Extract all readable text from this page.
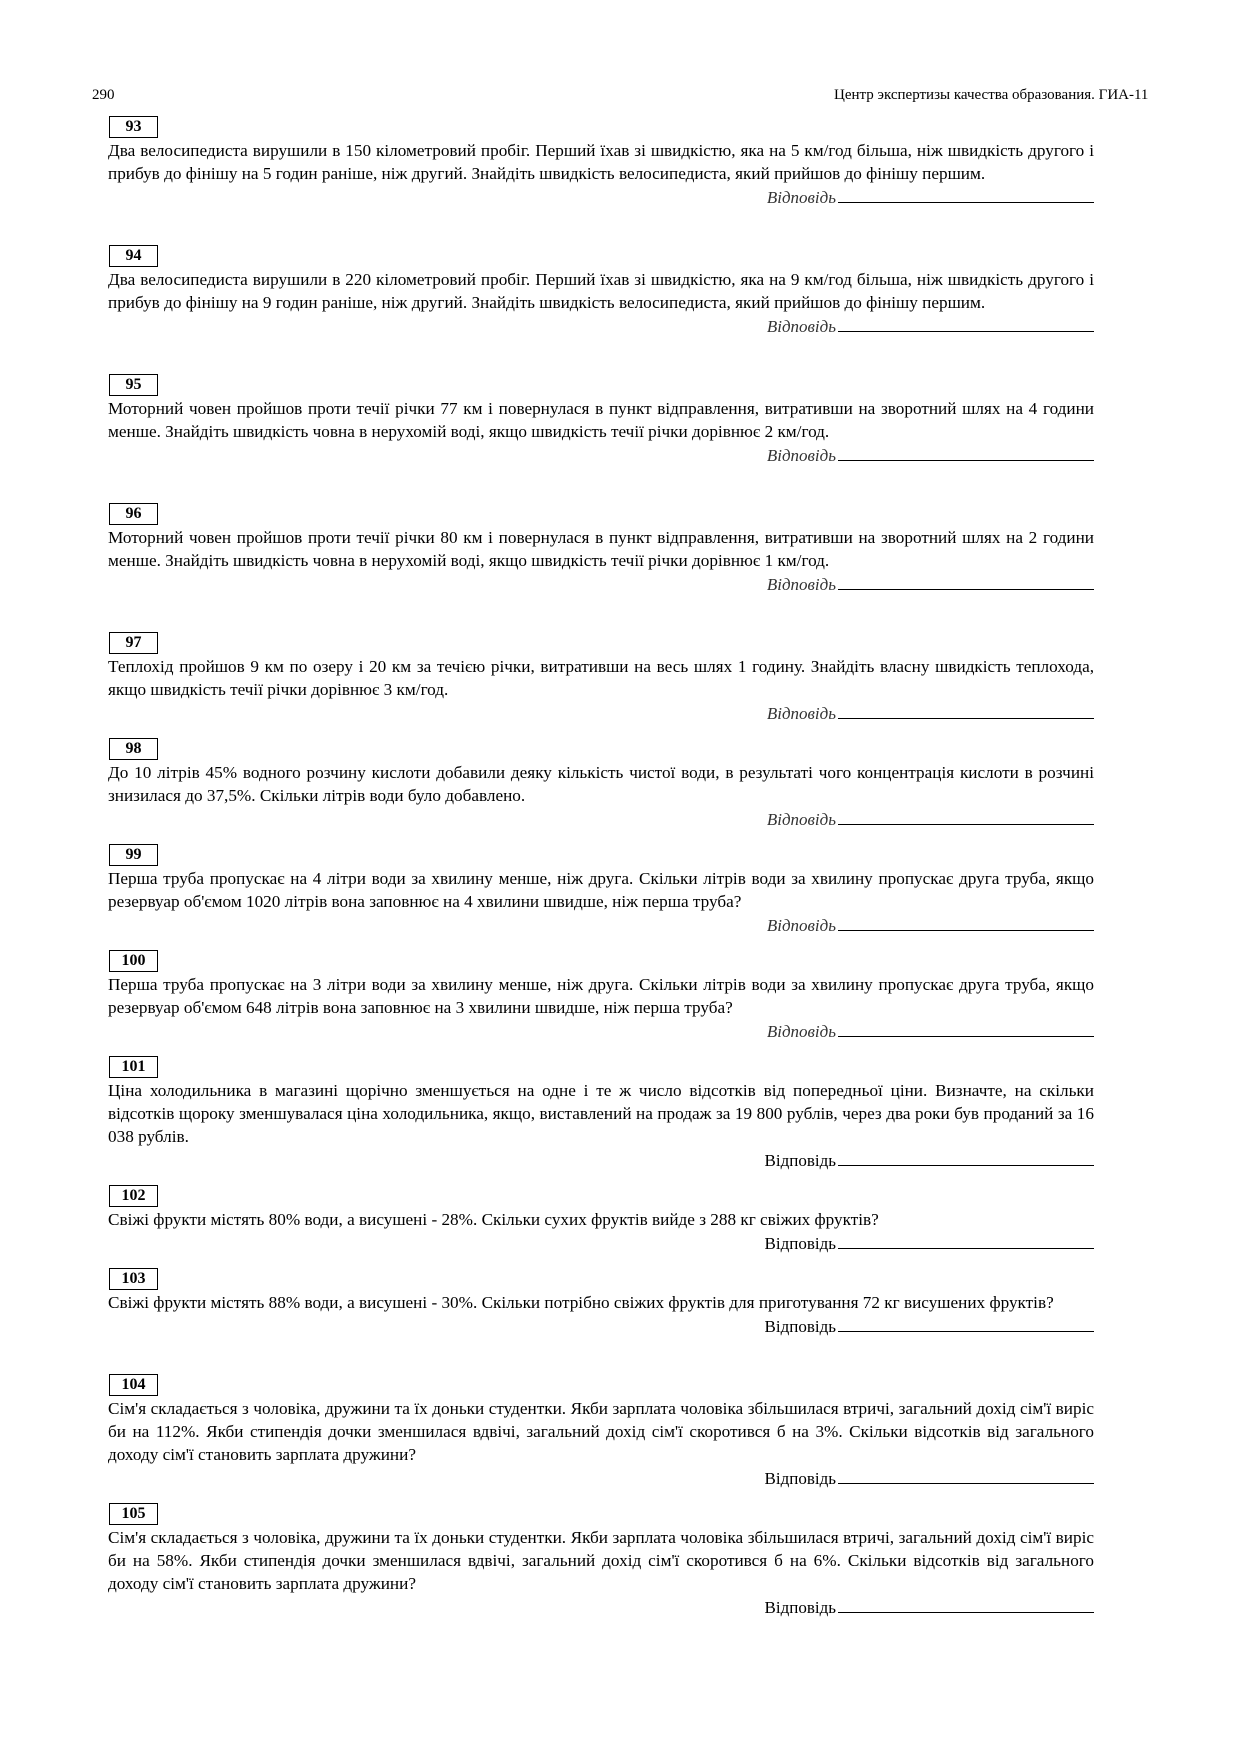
290	Центр экспертизы качества образования. ГИА-11
93
Два велосипедиста вирушили в 150 кілометровий пробіг. Перший їхав зі швидкістю, яка на 5 км/год більша, ніж швидкість другого і прибув до фінішу на 5 годин раніше, ніж другий. Знайдіть швидкість велосипедиста, який прийшов до фінішу першим.
Відповідь
94
Два велосипедиста вирушили в 220 кілометровий пробіг. Перший їхав зі швидкістю, яка на 9 км/год більша, ніж швидкість другого і прибув до фінішу на 9 годин раніше, ніж другий. Знайдіть швидкість велосипедиста, який прийшов до фінішу першим.
Відповідь
95
Моторний човен пройшов проти течії річки 77 км і повернулася в пункт відправлення, витративши на зворотний шлях на 4 години менше. Знайдіть швидкість човна в нерухомій воді, якщо швидкість течії річки дорівнює 2 км/год.
Відповідь
96
Моторний човен пройшов проти течії річки 80 км і повернулася в пункт відправлення, витративши на зворотний шлях на 2 години менше. Знайдіть швидкість човна в нерухомій воді, якщо швидкість течії річки дорівнює 1 км/год.
Відповідь
97
Теплохід пройшов 9 км по озеру і 20 км за течією річки, витративши на весь шлях 1 годину. Знайдіть власну швидкість теплохода, якщо швидкість течії річки дорівнює 3 км/год.
Відповідь
98
До 10 літрів 45% водного розчину кислоти добавили деяку кількість чистої води, в результаті чого концентрація кислоти в розчині знизилася до 37,5%. Скільки літрів води було добавлено.
Відповідь
99
Перша труба пропускає на 4 літри води за хвилину менше, ніж друга. Скільки літрів води за хвилину пропускає друга труба, якщо резервуар об'ємом 1020 літрів вона заповнює на 4 хвилини швидше, ніж перша труба?
Відповідь
100
Перша труба пропускає на 3 літри води за хвилину менше, ніж друга. Скільки літрів води за хвилину пропускає друга труба, якщо резервуар об'ємом 648 літрів вона заповнює на 3 хвилини швидше, ніж перша труба?
Відповідь
101
Ціна холодильника в магазині щорічно зменшується на одне і те ж число відсотків від попередньої ціни. Визначте, на скільки відсотків щороку зменшувалася ціна холодильника, якщо, виставлений на продаж за 19 800 рублів, через два роки був проданий за 16 038 рублів.
Відповідь
102
Свіжі фрукти містять 80% води, а висушені - 28%. Скільки сухих фруктів вийде з 288 кг свіжих фруктів?
Відповідь
103
Свіжі фрукти містять 88% води, а висушені - 30%. Скільки потрібно свіжих фруктів для приготування 72 кг висушених фруктів?
Відповідь
104
Сім'я складається з чоловіка, дружини та їх доньки студентки. Якби зарплата чоловіка збільшилася втричі, загальний дохід сім'ї виріс би на 112%. Якби стипендія дочки зменшилася вдвічі, загальний дохід сім'ї скоротився б на 3%. Скільки відсотків від загального доходу сім'ї становить зарплата дружини?
Відповідь
105
Сім'я складається з чоловіка, дружини та їх доньки студентки. Якби зарплата чоловіка збільшилася втричі, загальний дохід сім'ї виріс би на 58%. Якби стипендія дочки зменшилася вдвічі, загальний дохід сім'ї скоротився б на 6%. Скільки відсотків від загального доходу сім'ї становить зарплата дружини?
Відповідь
